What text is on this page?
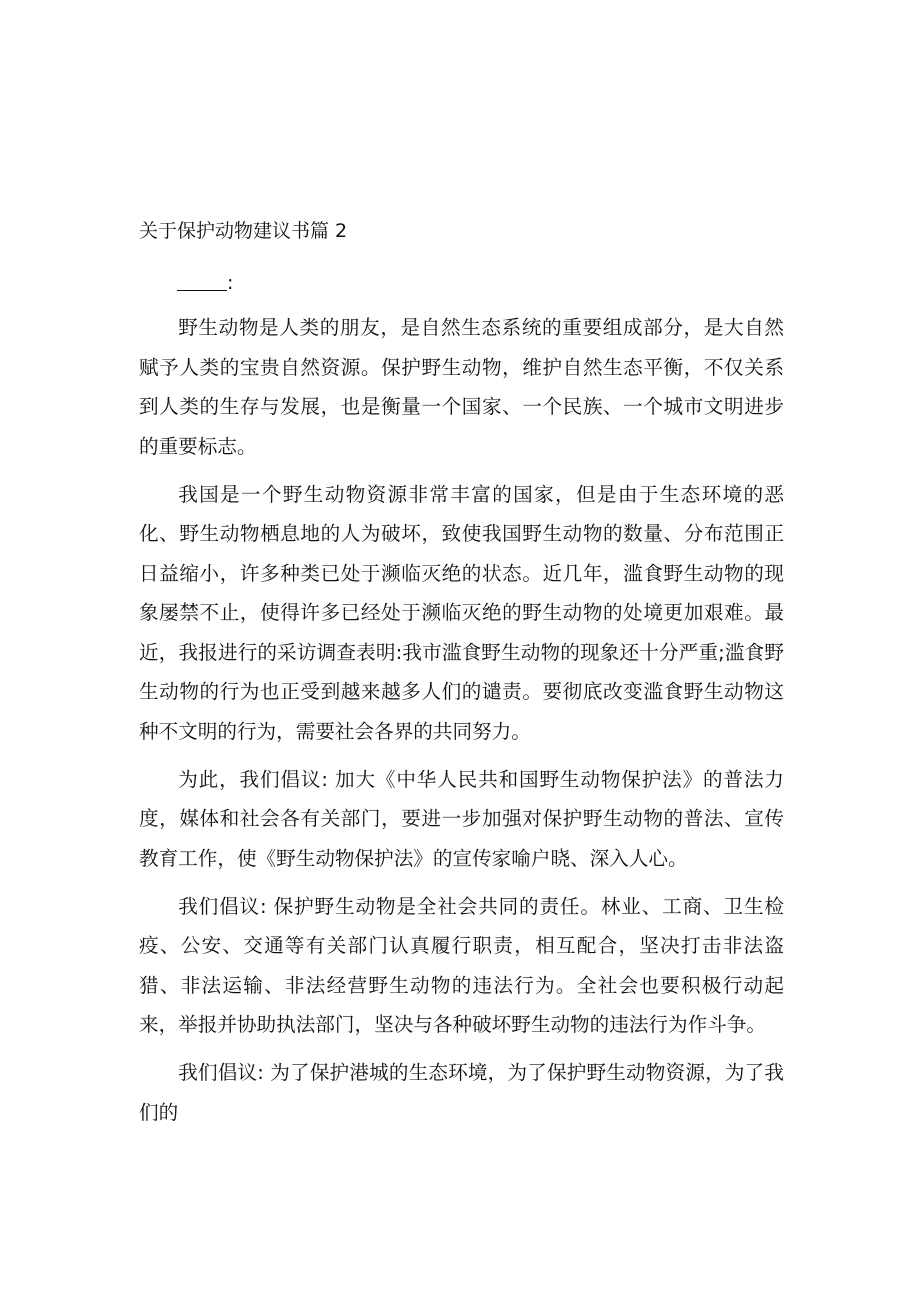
关于保护动物建议书篇 2
:

野生动物是人类的朋友，是自然生态系统的重要组成部分，是大自然赋予人类的宝贵自然资源。保护野生动物，维护自然生态平衡，不仅关系到人类的生存与发展，也是衡量一个国家、一个民族、一个城市文明进步的重要标志。

我国是一个野生动物资源非常丰富的国家，但是由于生态环境的恶化、野生动物栖息地的人为破坏，致使我国野生动物的数量、分布范围正日益缩小，许多种类已处于濒临灭绝的状态。近几年，滥食野生动物的现象屡禁不止，使得许多已经处于濒临灭绝的野生动物的处境更加艰难。最近，我报进行的采访调查表明:我市滥食野生动物的现象还十分严重;滥食野生动物的行为也正受到越来越多人们的谴责。要彻底改变滥食野生动物这种不文明的行为，需要社会各界的共同努力。

为此，我们倡议: 加大《中华人民共和国野生动物保护法》的普法力度，媒体和社会各有关部门，要进一步加强对保护野生动物的普法、宣传教育工作，使《野生动物保护法》的宣传家喻户晓、深入人心。

我们倡议: 保护野生动物是全社会共同的责任。林业、工商、卫生检疫、公安、交通等有关部门认真履行职责，相互配合，坚决打击非法盗猎、非法运输、非法经营野生动物的违法行为。全社会也要积极行动起来，举报并协助执法部门，坚决与各种破坏野生动物的违法行为作斗争。

我们倡议: 为了保护港城的生态环境，为了保护野生动物资源，为了我们的
